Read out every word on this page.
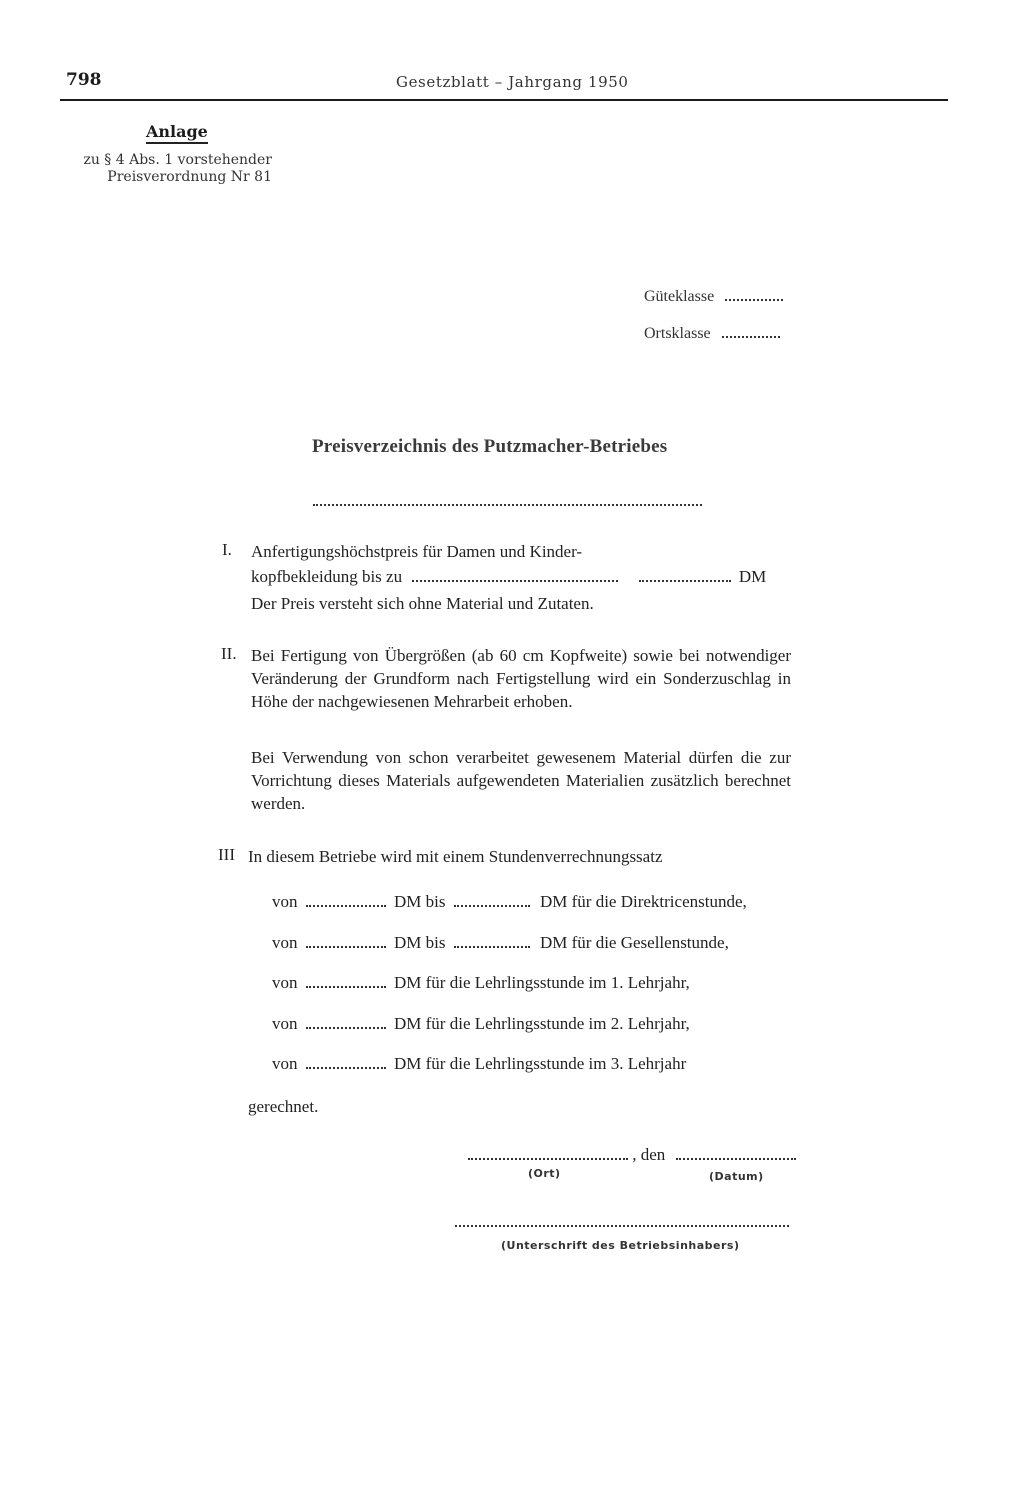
798	Gesetzblatt – Jahrgang 1950
Anlage
zu § 4 Abs. 1 vorstehender
Preisverordnung Nr 81
Güteklasse
Ortsklasse
Preisverzeichnis des Putzmacher-Betriebes
I. Anfertigungshöchstpreis für Damen und Kinder-
kopfbekleidung bis zu	DM
Der Preis versteht sich ohne Material und Zutaten.
II. Bei Fertigung von Übergrößen (ab 60 cm Kopfweite) sowie bei notwendiger Veränderung der Grundform nach Fertigstellung wird ein Sonderzuschlag in Höhe der nachgewiesenen Mehrarbeit erhoben.
Bei Verwendung von schon verarbeitet gewesenem Material dürfen die zur Vorrichtung dieses Materials aufgewendeten Materialien zusätzlich berechnet werden.
III In diesem Betriebe wird mit einem Stundenverrechnungssatz
von	DM bis	DM für die Direktricenstunde,
von	DM bis	DM für die Gesellenstunde,
von	DM für die Lehrlingsstunde im 1. Lehrjahr,
von	DM für die Lehrlingsstunde im 2. Lehrjahr,
von	DM für die Lehrlingsstunde im 3. Lehrjahr
gerechnet.
, den
(Ort)	(Datum)
(Unterschrift des Betriebsinhabers)
